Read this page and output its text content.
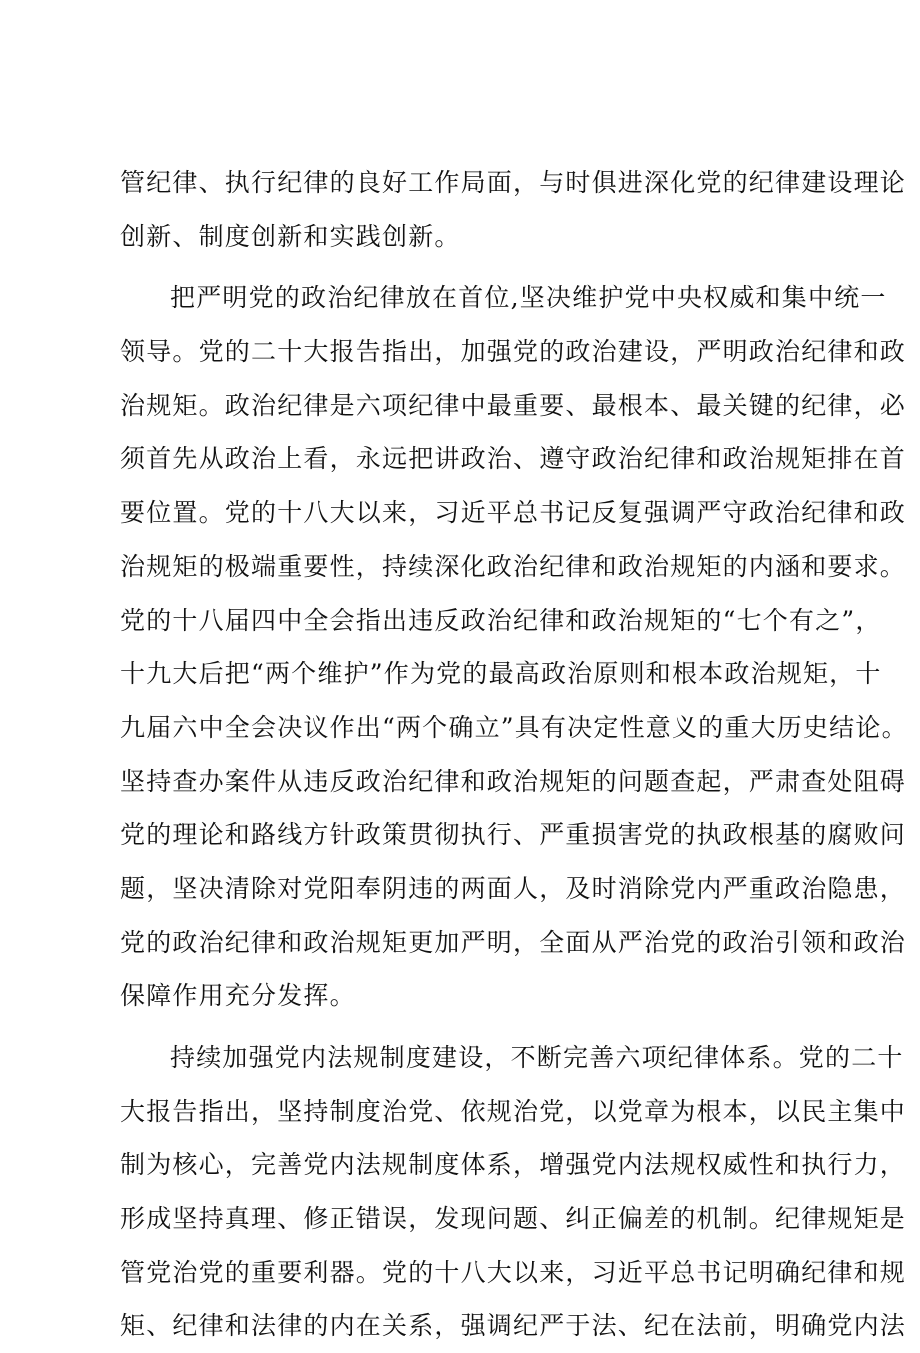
管纪律、执行纪律的良好工作局面，与时俱进深化党的纪律建设理论
创新、制度创新和实践创新。
把严明党的政治纪律放在首位,坚决维护党中央权威和集中统一
领导。党的二十大报告指出，加强党的政治建设，严明政治纪律和政
治规矩。政治纪律是六项纪律中最重要、最根本、最关键的纪律，必
须首先从政治上看，永远把讲政治、遵守政治纪律和政治规矩排在首
要位置。党的十八大以来，习近平总书记反复强调严守政治纪律和政
治规矩的极端重要性，持续深化政治纪律和政治规矩的内涵和要求。
党的十八届四中全会指出违反政治纪律和政治规矩的“七个有之”，
十九大后把“两个维护”作为党的最高政治原则和根本政治规矩，十
九届六中全会决议作出“两个确立”具有决定性意义的重大历史结论。
坚持查办案件从违反政治纪律和政治规矩的问题查起，严肃查处阻碍
党的理论和路线方针政策贯彻执行、严重损害党的执政根基的腐败问
题，坚决清除对党阳奉阴违的两面人，及时消除党内严重政治隐患，
党的政治纪律和政治规矩更加严明，全面从严治党的政治引领和政治
保障作用充分发挥。
持续加强党内法规制度建设，不断完善六项纪律体系。党的二十
大报告指出，坚持制度治党、依规治党，以党章为根本，以民主集中
制为核心，完善党内法规制度体系，增强党内法规权威性和执行力，
形成坚持真理、修正错误，发现问题、纠正偏差的机制。纪律规矩是
管党治党的重要利器。党的十八大以来，习近平总书记明确纪律和规
矩、纪律和法律的内在关系，强调纪严于法、纪在法前，明确党内法
